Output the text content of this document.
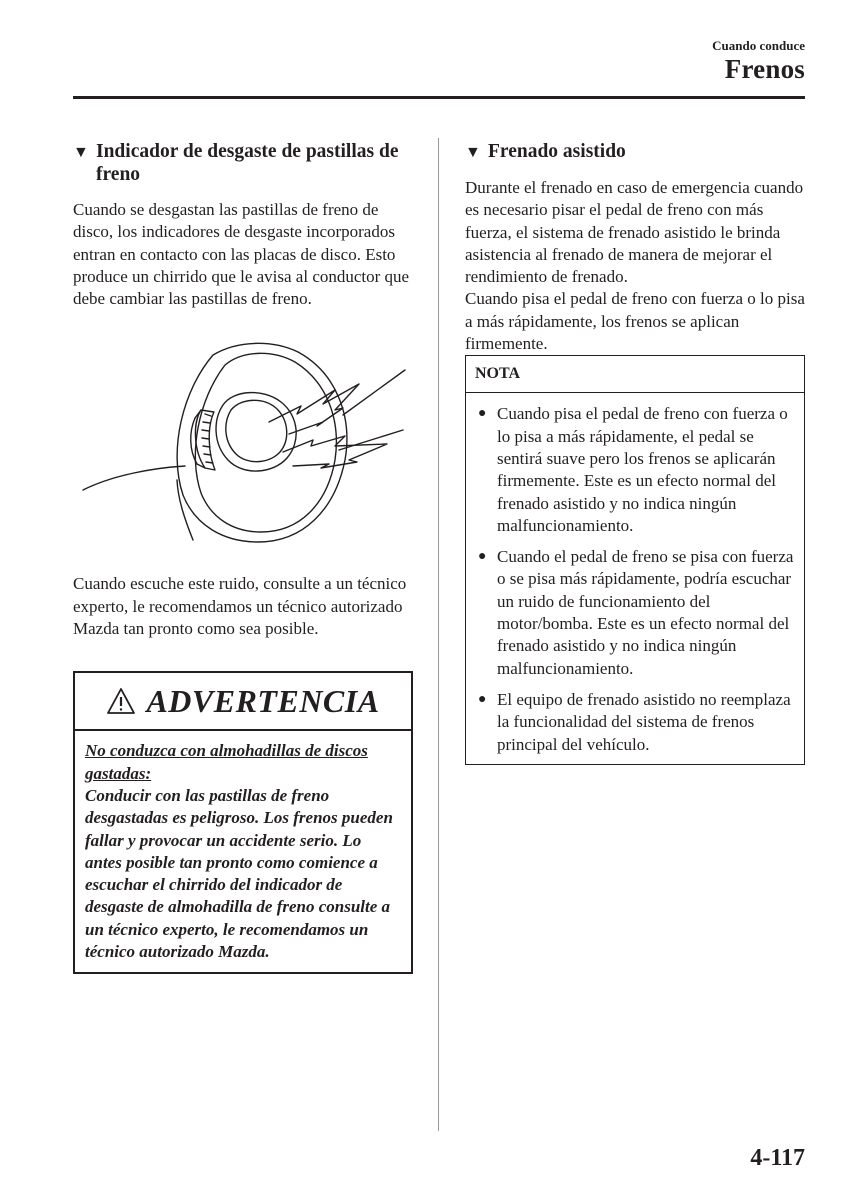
Cuando conduce
Frenos
▼ Indicador de desgaste de pastillas de freno

Cuando se desgastan las pastillas de freno de disco, los indicadores de desgaste incorporados entran en contacto con las placas de disco. Esto produce un chirrido que le avisa al conductor que debe cambiar las pastillas de freno.

Cuando escuche este ruido, consulte a un técnico experto, le recomendamos un técnico autorizado Mazda tan pronto como sea posible.

ADVERTENCIA
No conduzca con almohadillas de discos gastadas:
Conducir con las pastillas de freno desgastadas es peligroso. Los frenos pueden fallar y provocar un accidente serio. Lo antes posible tan pronto como comience a escuchar el chirrido del indicador de desgaste de almohadilla de freno consulte a un técnico experto, le recomendamos un técnico autorizado Mazda.
▼ Frenado asistido

Durante el frenado en caso de emergencia cuando es necesario pisar el pedal de freno con más fuerza, el sistema de frenado asistido le brinda asistencia al frenado de manera de mejorar el rendimiento de frenado.

Cuando pisa el pedal de freno con fuerza o lo pisa a más rápidamente, los frenos se aplican firmemente.

NOTA
● Cuando pisa el pedal de freno con fuerza o lo pisa a más rápidamente, el pedal se sentirá suave pero los frenos se aplicarán firmemente. Este es un efecto normal del frenado asistido y no indica ningún malfuncionamiento.
● Cuando el pedal de freno se pisa con fuerza o se pisa más rápidamente, podría escuchar un ruido de funcionamiento del motor/bomba. Este es un efecto normal del frenado asistido y no indica ningún malfuncionamiento.
● El equipo de frenado asistido no reemplaza la funcionalidad del sistema de frenos principal del vehículo.
4-117
